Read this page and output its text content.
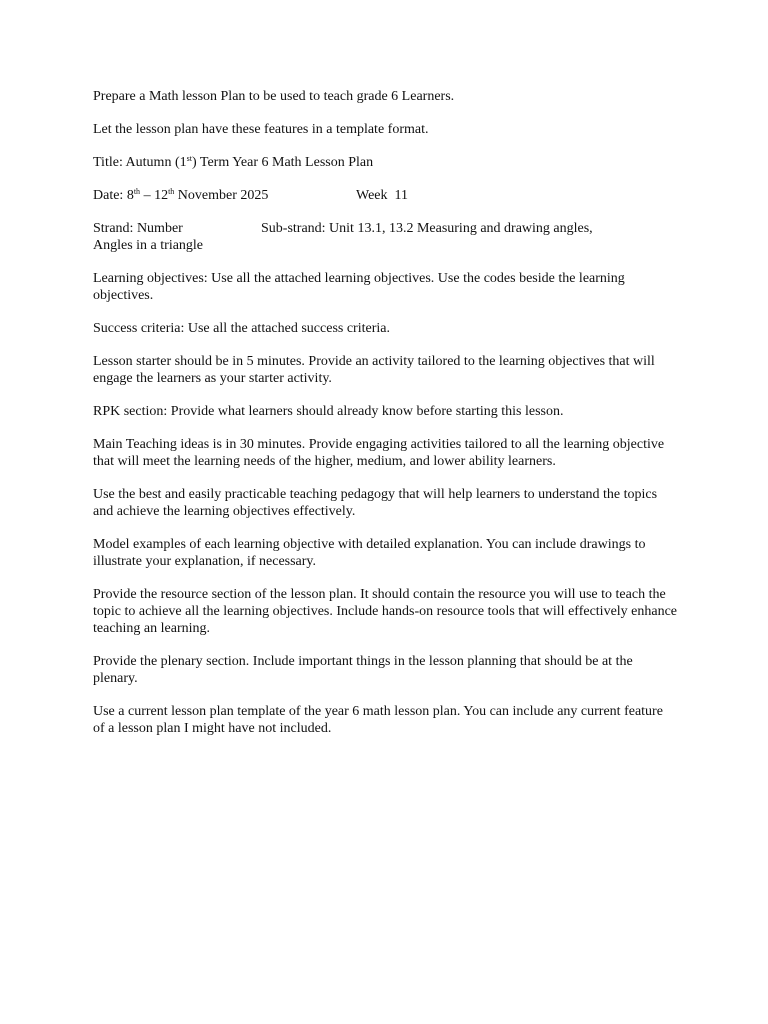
Prepare a Math lesson Plan to be used to teach grade 6 Learners.

Let the lesson plan have these features in a template format.

Title: Autumn (1st) Term Year 6 Math Lesson Plan

Date: 8th – 12th November 2025	Week  11
Strand: Number	Sub-strand: Unit 13.1, 13.2 Measuring and drawing angles,
Angles in a triangle

Learning objectives: Use all the attached learning objectives. Use the codes beside the learning objectives.

Success criteria: Use all the attached success criteria.

Lesson starter should be in 5 minutes. Provide an activity tailored to the learning objectives that will engage the learners as your starter activity.

RPK section: Provide what learners should already know before starting this lesson.

Main Teaching ideas is in 30 minutes. Provide engaging activities tailored to all the learning objective that will meet the learning needs of the higher, medium, and lower ability learners.

Use the best and easily practicable teaching pedagogy that will help learners to understand the topics and achieve the learning objectives effectively.

Model examples of each learning objective with detailed explanation. You can include drawings to illustrate your explanation, if necessary.

Provide the resource section of the lesson plan. It should contain the resource you will use to teach the topic to achieve all the learning objectives. Include hands-on resource tools that will effectively enhance teaching an learning.

Provide the plenary section. Include important things in the lesson planning that should be at the plenary.

Use a current lesson plan template of the year 6 math lesson plan. You can include any current feature of a lesson plan I might have not included.
